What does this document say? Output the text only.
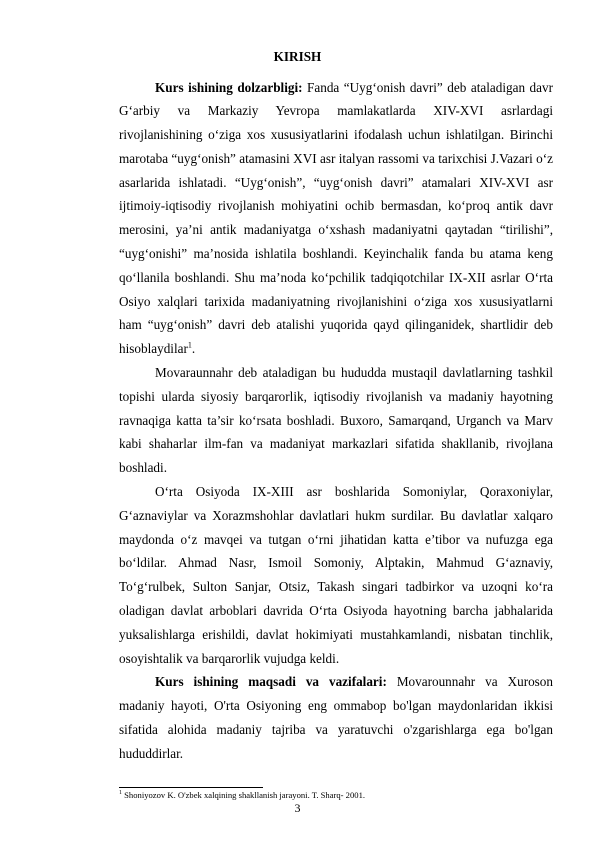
KIRISH

Kurs ishining dolzarbligi: Fanda “Uyg‘onish davri” deb ataladigan davr G‘arbiy va Markaziy Yevropa mamlakatlarda XIV-XVI asrlardagi rivojlanishining o‘ziga xos xususiyatlarini ifodalash uchun ishlatilgan. Birinchi marotaba “uyg‘onish” atamasini XVI asr italyan rassomi va tarixchisi J.Vazari o‘z asarlarida ishlatadi. “Uyg‘onish”, “uyg‘onish davri” atamalari XIV-XVI asr ijtimoiy-iqtisodiy rivojlanish mohiyatini ochib bermasdan, ko‘proq antik davr merosini, ya’ni antik madaniyatga o‘xshash madaniyatni qaytadan “tirilishi”, “uyg‘onishi” ma’nosida ishlatila boshlandi. Keyinchalik fanda bu atama keng qo‘llanila boshlandi. Shu ma’noda ko‘pchilik tadqiqotchilar IX-XII asrlar O‘rta Osiyo xalqlari tarixida madaniyatning rivojlanishini o‘ziga xos xususiyatlarni ham “uyg‘onish” davri deb atalishi yuqorida qayd qilinganidek, shartlidir deb hisoblaydilar$^1$.

Movaraunnahr deb ataladigan bu hududda mustaqil davlatlarning tashkil topishi ularda siyosiy barqarorlik, iqtisodiy rivojlanish va madaniy hayotning ravnaqiga katta ta’sir ko‘rsata boshladi. Buxoro, Samarqand, Urganch va Marv kabi shaharlar ilm-fan va madaniyat markazlari sifatida shakllanib, rivojlana boshladi.

O‘rta Osiyoda IX-XIII asr boshlarida Somoniylar, Qoraxoniylar, G‘aznaviylar va Xorazmshohlar davlatlari hukm surdilar. Bu davlatlar xalqaro maydonda o‘z mavqei va tutgan o‘rni jihatidan katta e’tibor va nufuzga ega bo‘ldilar. Ahmad Nasr, Ismoil Somoniy, Alptakin, Mahmud G‘aznaviy, To‘g‘rulbek, Sulton Sanjar, Otsiz, Takash singari tadbirkor va uzoqni ko‘ra oladigan davlat arboblari davrida O‘rta Osiyoda hayotning barcha jabhalarida yuksalishlarga erishildi, davlat hokimiyati mustahkamlandi, nisbatan tinchlik, osoyishtalik va barqarorlik vujudga keldi.

Kurs ishining maqsadi va vazifalari: Movarounnahr va Xuroson madaniy hayoti, O'rta Osiyoning eng ommabop bo'lgan maydonlaridan ikkisi sifatida alohida madaniy tajriba va yaratuvchi o'zgarishlarga ega bo'lgan hududdirlar.

$^1$ Shoniyozov K. O'zbek xalqining shakllanish jarayoni. T. Sharq- 2001.
3
